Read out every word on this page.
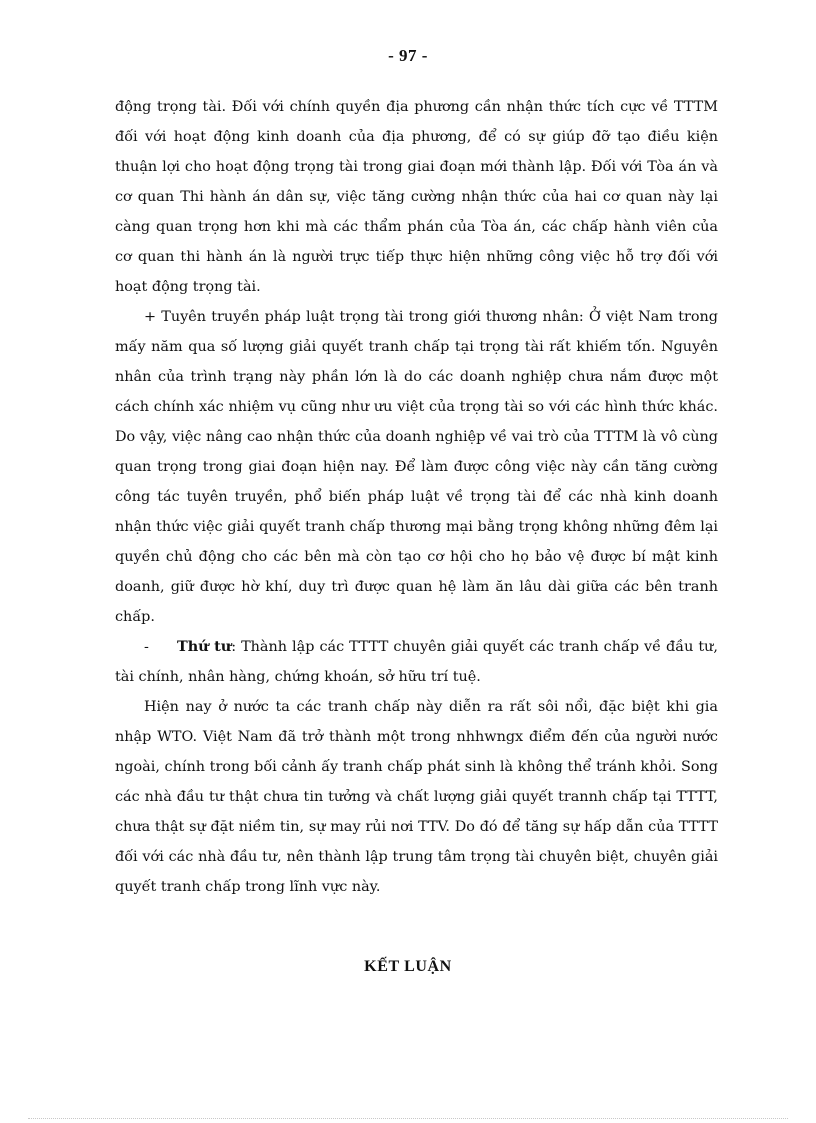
- 97 -

động trọng tài. Đối với chính quyền địa phương cần nhận thức tích cực về TTTM đối với hoạt động kinh doanh của địa phương, để có sự giúp đỡ tạo điều kiện thuận lợi cho hoạt động trọng tài trong giai đoạn mới thành lập. Đối với Tòa án và cơ quan Thi hành án dân sự, việc tăng cường nhận thức của hai cơ quan này lại càng quan trọng hơn khi mà các thẩm phán của Tòa án, các chấp hành viên của cơ quan thi hành án là người trực tiếp thực hiện những công việc hỗ trợ đối với hoạt động trọng tài.

+ Tuyên truyền pháp luật trọng tài trong giới thương nhân: Ở việt Nam trong mấy năm qua số lượng giải quyết tranh chấp tại trọng tài rất khiếm tốn. Nguyên nhân của trình trạng này phần lớn là do các doanh nghiệp chưa nắm được một cách chính xác nhiệm vụ cũng như ưu việt của trọng tài so với các hình thức khác. Do vậy, việc nâng cao nhận thức của doanh nghiệp về vai trò của TTTM là vô cùng quan trọng trong giai đoạn hiện nay. Để làm được công việc này cần tăng cường công tác tuyên truyền, phổ biến pháp luật về trọng tài để các nhà kinh doanh nhận thức việc giải quyết tranh chấp thương mại bằng trọng không những đêm lại quyền chủ động cho các bên mà còn tạo cơ hội cho họ bảo vệ được bí mật kinh doanh, giữ được hờ khí, duy trì được quan hệ làm ăn lâu dài giữa các bên tranh chấp.

- Thứ tư: Thành lập các TTTT chuyên giải quyết các tranh chấp về đầu tư, tài chính, nhân hàng, chứng khoán, sở hữu trí tuệ.

Hiện nay ở nước ta các tranh chấp này diễn ra rất sôi nổi, đặc biệt khi gia nhập WTO. Việt Nam đã trở thành một trong nhhwngx điểm đến của người nước ngoài, chính trong bối cảnh ấy tranh chấp phát sinh là không thể tránh khỏi. Song các nhà đầu tư thật chưa tin tưởng và chất lượng giải quyết trannh chấp tại TTTT, chưa thật sự đặt niềm tin, sự may rủi nơi TTV. Do đó để tăng sự hấp dẫn của TTTT đối với các nhà đầu tư, nên thành lập trung tâm trọng tài chuyên biệt, chuyên giải quyết tranh chấp trong lĩnh vực này.

KẾT LUẬN
